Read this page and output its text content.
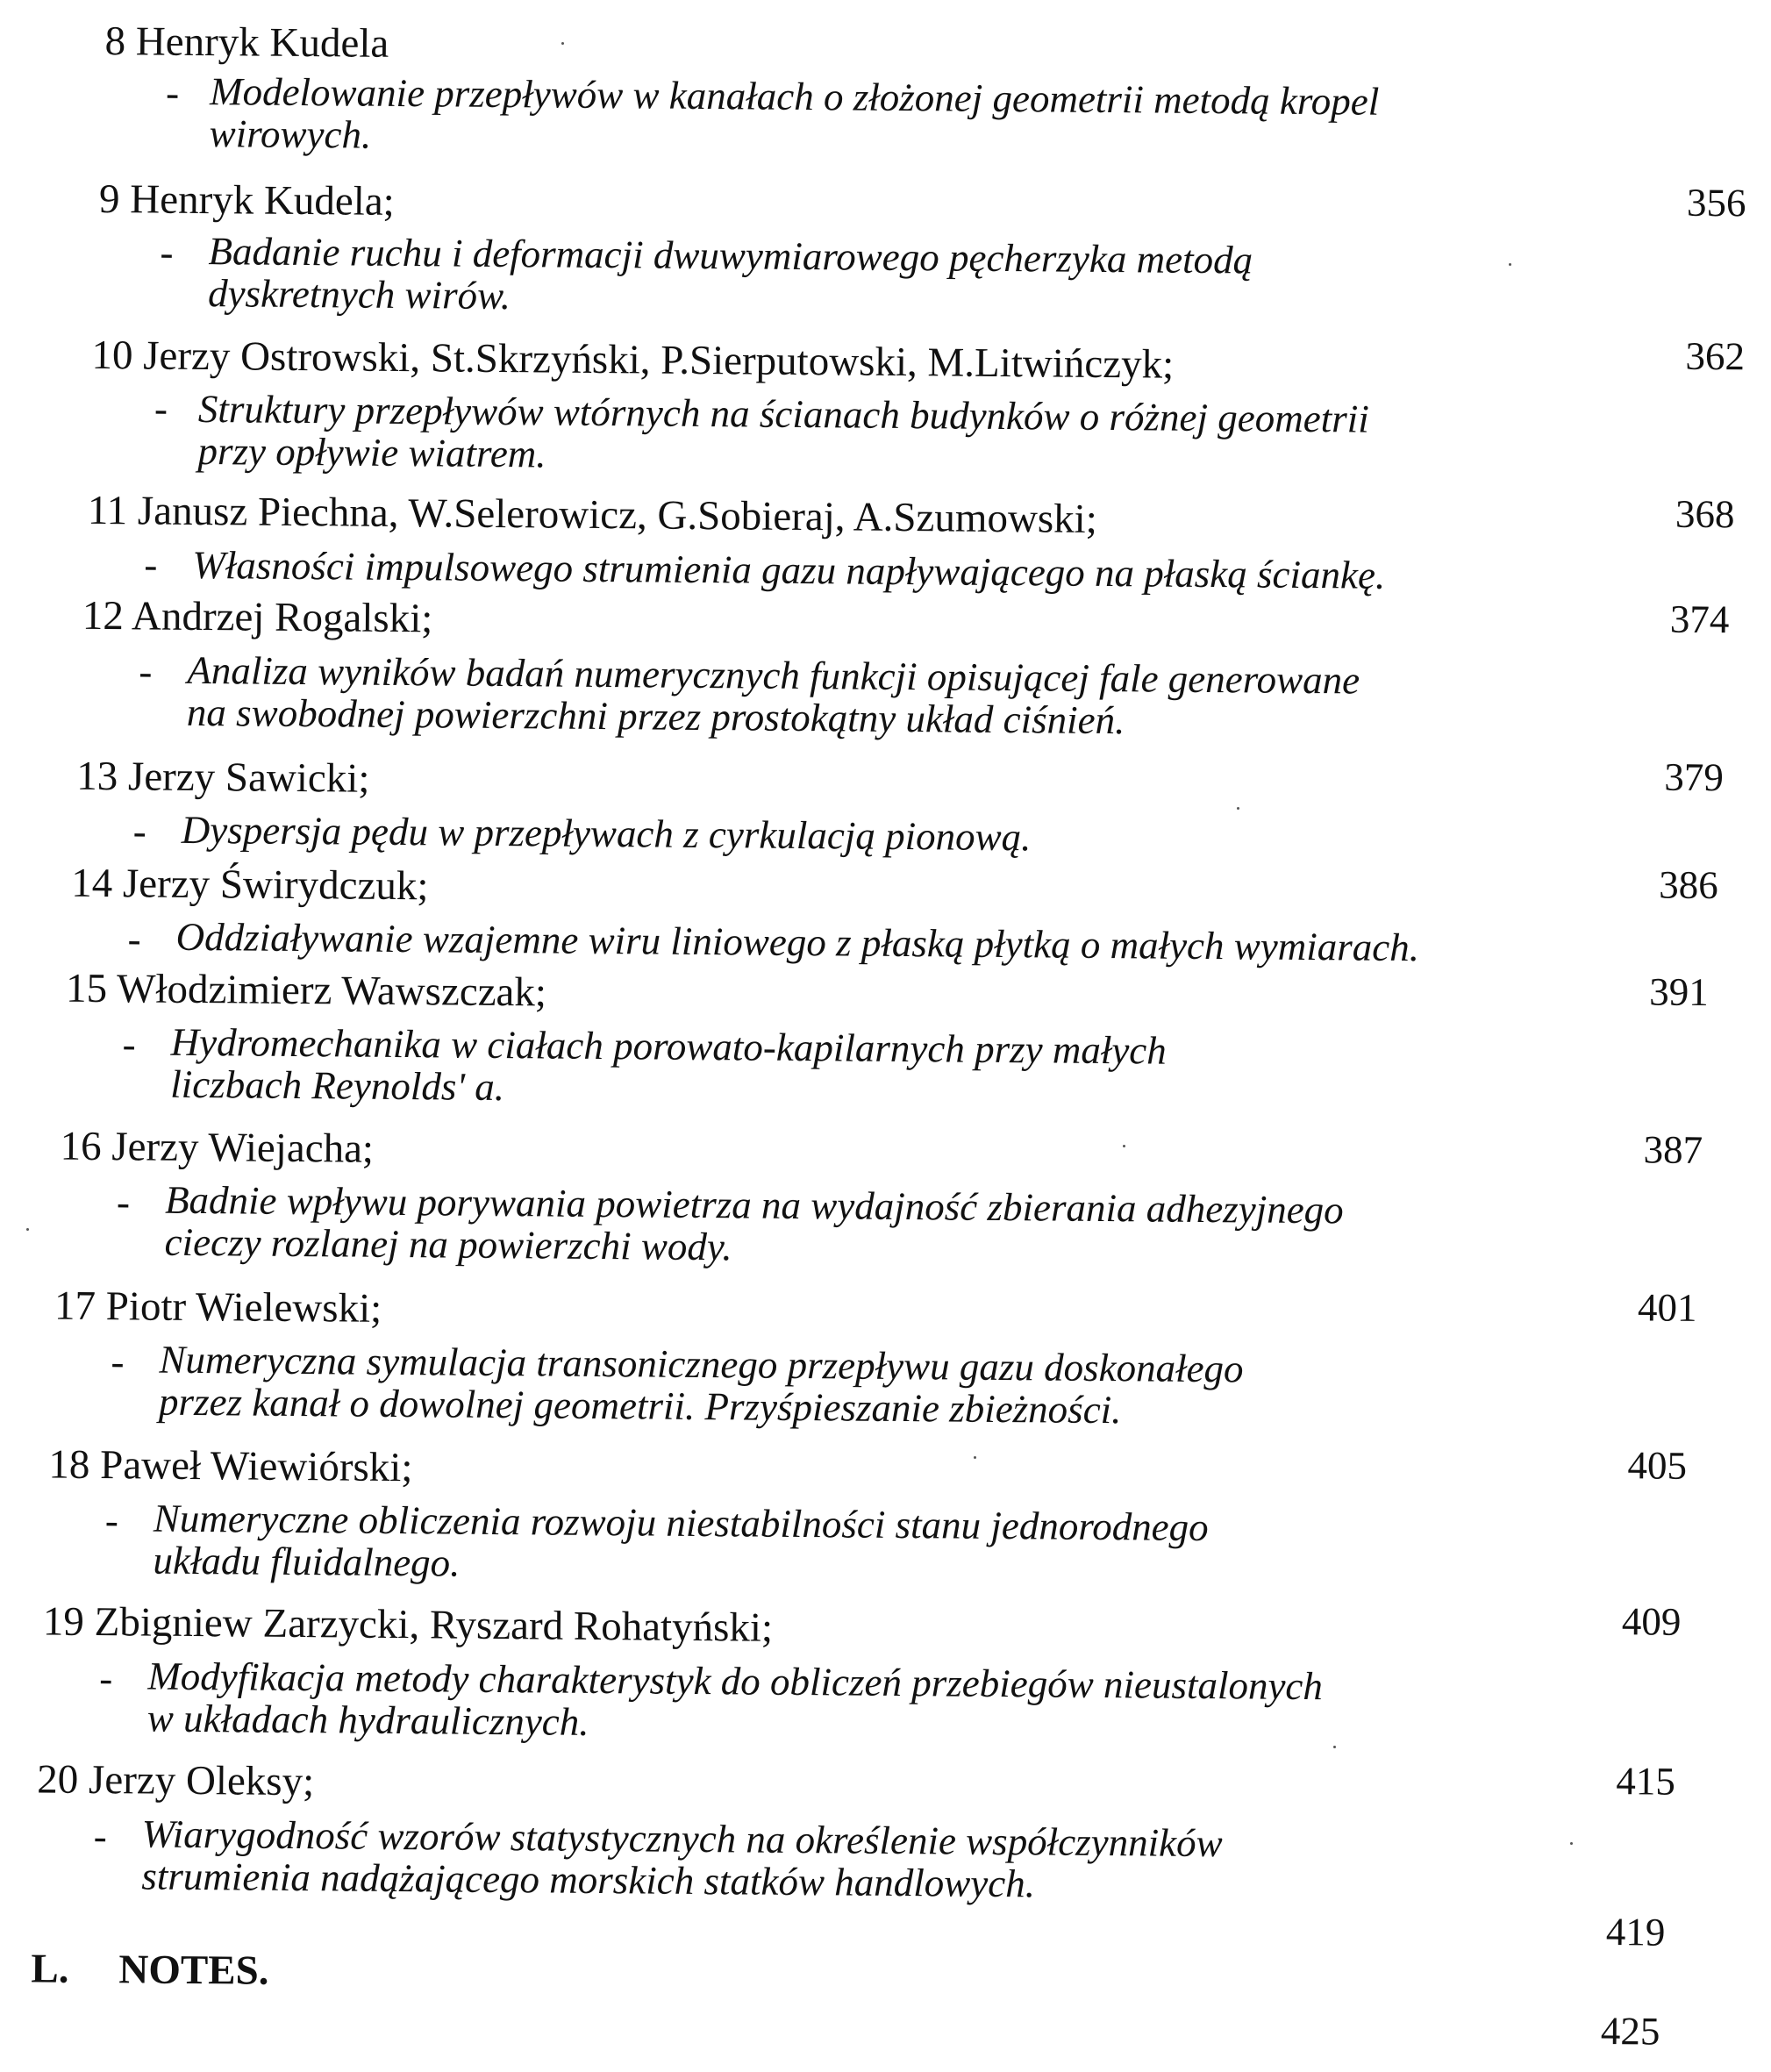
8 Henryk Kudela
- Modelowanie przepływów w kanałach o złożonej geometrii metodą kropel
wirowych.
356
9 Henryk Kudela;
- Badanie ruchu i deformacji dwuwymiarowego pęcherzyka metodą
dyskretnych wirów.
362
10 Jerzy Ostrowski, St.Skrzyński, P.Sierputowski, M.Litwińczyk;
- Struktury przepływów wtórnych na ścianach budynków o różnej geometrii
przy opływie wiatrem.
368
11 Janusz Piechna, W.Selerowicz, G.Sobieraj, A.Szumowski;
- Własności impulsowego strumienia gazu napływającego na płaską ściankę.
374
12 Andrzej Rogalski;
- Analiza wyników badań numerycznych funkcji opisującej fale generowane
na swobodnej powierzchni przez prostokątny układ ciśnień.
379
13 Jerzy Sawicki;
- Dyspersja pędu w przepływach z cyrkulacją pionową.
386
14 Jerzy Świrydczuk;
- Oddziaływanie wzajemne wiru liniowego z płaską płytką o małych wymiarach.
391
15 Włodzimierz Wawszczak;
- Hydromechanika w ciałach porowato-kapilarnych przy małych
liczbach Reynolds' a.
387
16 Jerzy Wiejacha;
- Badnie wpływu porywania powietrza na wydajność zbierania adhezyjnego
cieczy rozlanej na powierzchi wody.
401
17 Piotr Wielewski;
- Numeryczna symulacja transonicznego przepływu gazu doskonałego
przez kanał o dowolnej geometrii. Przyśpieszanie zbieżności.
405
18 Paweł Wiewiórski;
- Numeryczne obliczenia rozwoju niestabilności stanu jednorodnego
układu fluidalnego.
409
19 Zbigniew Zarzycki, Ryszard Rohatyński;
- Modyfikacja metody charakterystyk do obliczeń przebiegów nieustalonych
w układach hydraulicznych.
415
20 Jerzy Oleksy;
- Wiarygodność wzorów statystycznych na określenie współczynników
strumienia nadążającego morskich statków handlowych.
419
L. NOTES.
425
